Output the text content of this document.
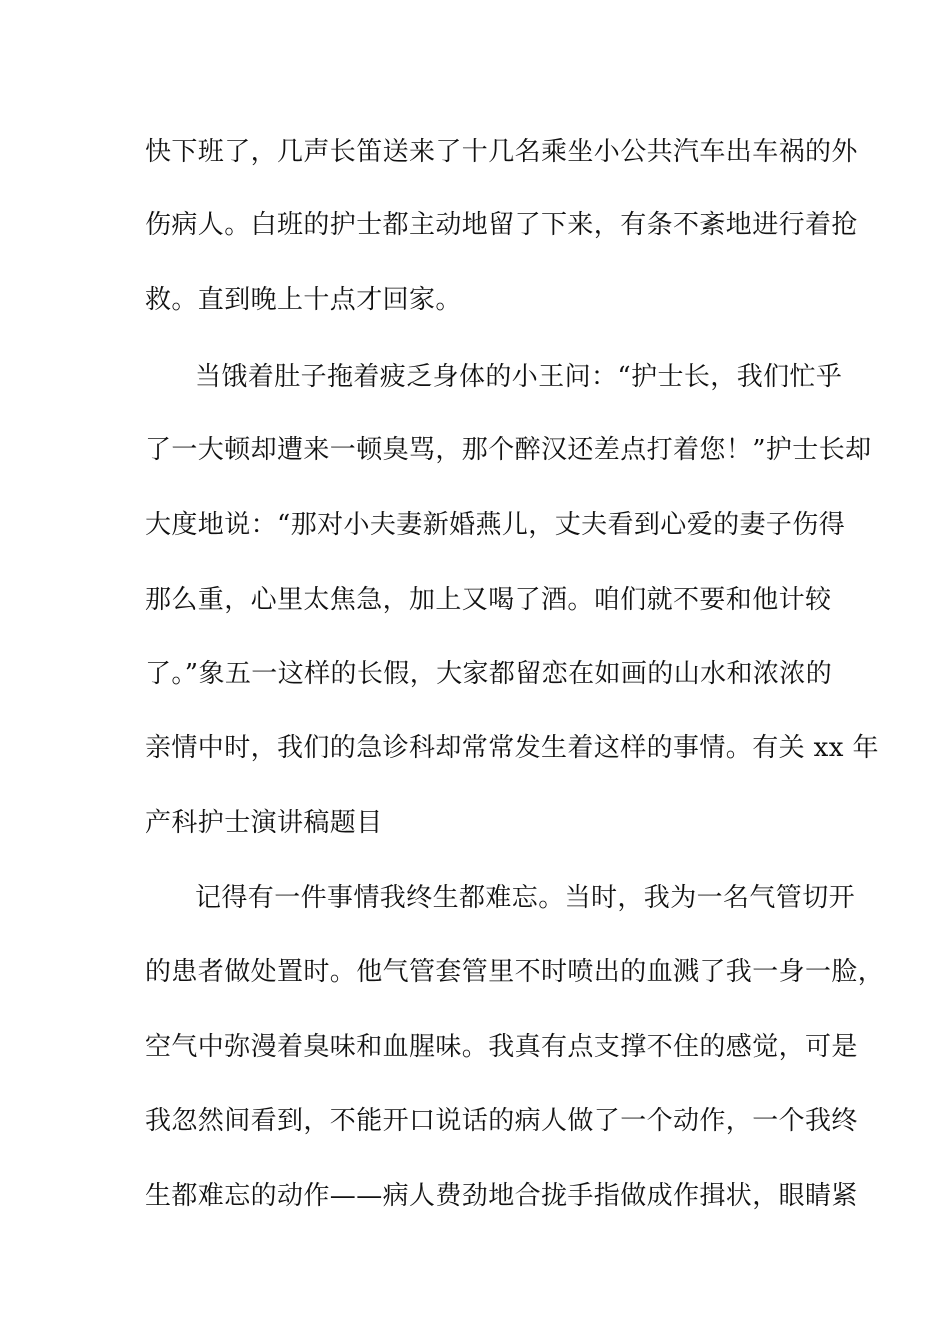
快下班了，几声长笛送来了十几名乘坐小公共汽车出车祸的外
伤病人。白班的护士都主动地留了下来，有条不紊地进行着抢
救。直到晚上十点才回家。
当饿着肚子拖着疲乏身体的小王问：“护士长，我们忙乎
了一大顿却遭来一顿臭骂，那个醉汉还差点打着您！”护士长却
大度地说：“那对小夫妻新婚燕儿，丈夫看到心爱的妻子伤得
那么重，心里太焦急，加上又喝了酒。咱们就不要和他计较
了。”象五一这样的长假，大家都留恋在如画的山水和浓浓的
亲情中时，我们的急诊科却常常发生着这样的事情。有关 xx 年
产科护士演讲稿题目
记得有一件事情我终生都难忘。当时，我为一名气管切开
的患者做处置时。他气管套管里不时喷出的血溅了我一身一脸，
空气中弥漫着臭味和血腥味。我真有点支撑不住的感觉，可是
我忽然间看到，不能开口说话的病人做了一个动作，一个我终
生都难忘的动作——病人费劲地合拢手指做成作揖状，眼睛紧
